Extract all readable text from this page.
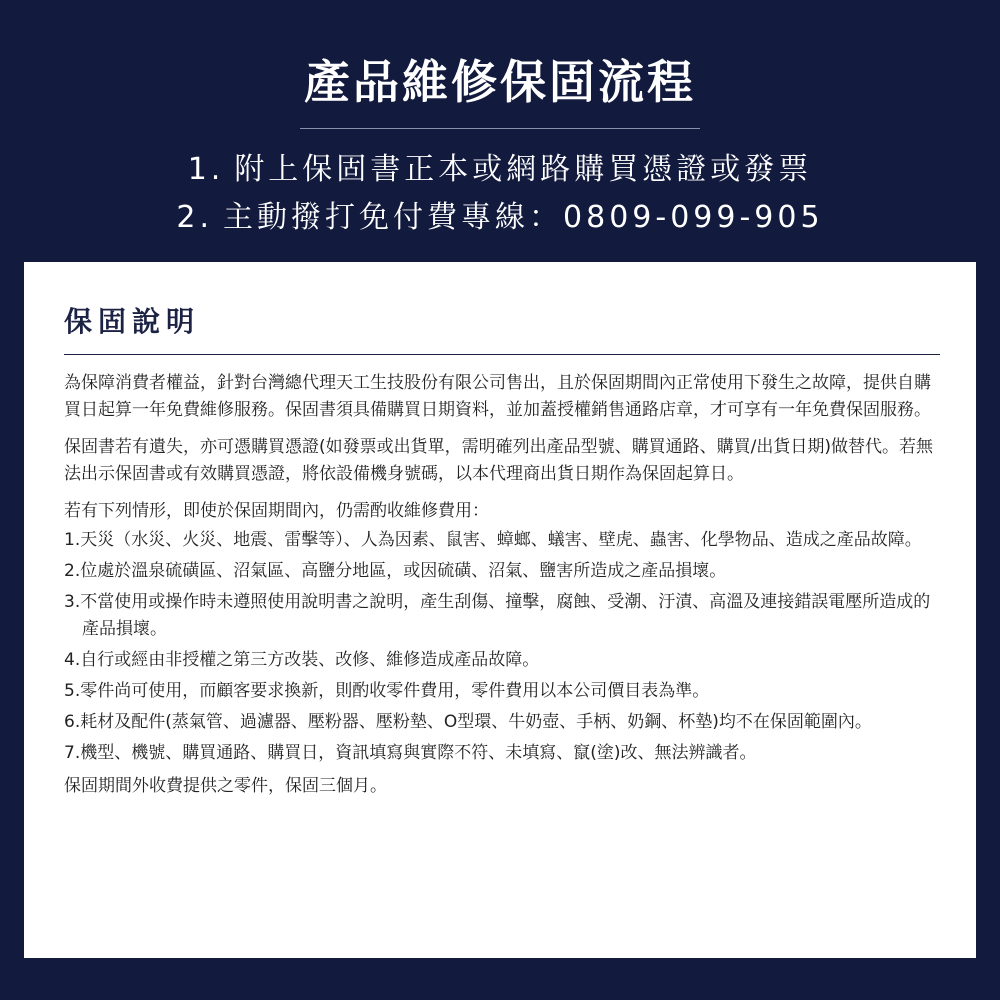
產品維修保固流程
1. 附上保固書正本或網路購買憑證或發票
2. 主動撥打免付費專線：0809-099-905
保固說明

為保障消費者權益，針對台灣總代理天工生技股份有限公司售出，且於保固期間內正常使用下發生之故障，提供自購買日起算一年免費維修服務。保固書須具備購買日期資料，並加蓋授權銷售通路店章，才可享有一年免費保固服務。

保固書若有遺失，亦可憑購買憑證(如發票或出貨單，需明確列出產品型號、購買通路、購買/出貨日期)做替代。若無法出示保固書或有效購買憑證，將依設備機身號碼，以本代理商出貨日期作為保固起算日。

若有下列情形，即使於保固期間內，仍需酌收維修費用：

1.天災（水災、火災、地震、雷擊等）、人為因素、鼠害、蟑螂、蟻害、壁虎、蟲害、化學物品、造成之產品故障。
2.位處於溫泉硫磺區、沼氣區、高鹽分地區，或因硫磺、沼氣、鹽害所造成之產品損壞。
3.不當使用或操作時未遵照使用說明書之說明，產生刮傷、撞擊，腐蝕、受潮、汙漬、高溫及連接錯誤電壓所造成的產品損壞。
4.自行或經由非授權之第三方改裝、改修、維修造成產品故障。
5.零件尚可使用，而顧客要求換新，則酌收零件費用，零件費用以本公司價目表為準。
6.耗材及配件(蒸氣管、過濾器、壓粉器、壓粉墊、O型環、牛奶壺、手柄、奶鋼、杯墊)均不在保固範圍內。
7.機型、機號、購買通路、購買日，資訊填寫與實際不符、未填寫、竄(塗)改、無法辨識者。

保固期間外收費提供之零件，保固三個月。
